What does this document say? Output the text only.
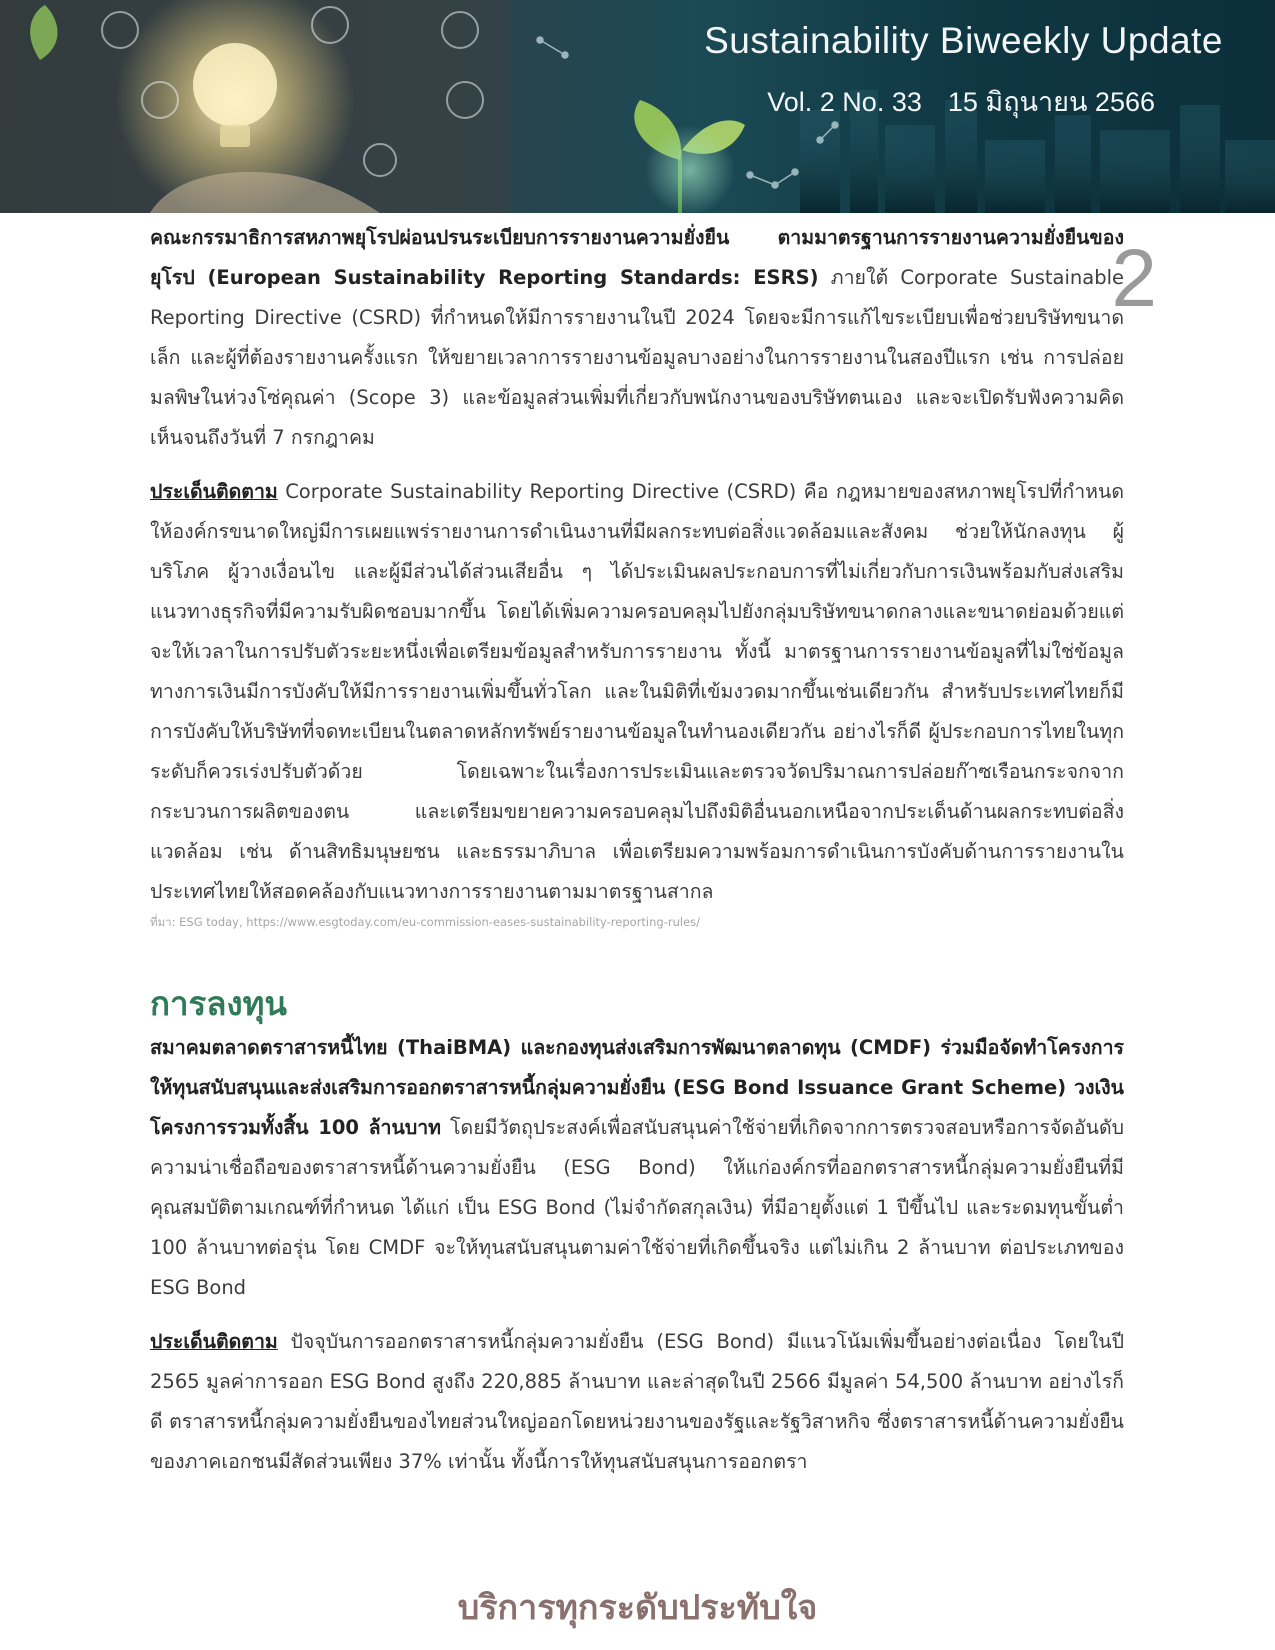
Sustainability Biweekly Update
Vol. 2 No. 33 15 มิถุนายน 2566
2

คณะกรรมาธิการสหภาพยุโรปผ่อนปรนระเบียบการรายงานความยั่งยืน ตามมาตรฐานการรายงานความยั่งยืนของยุโรป (European Sustainability Reporting Standards: ESRS) ภายใต้ Corporate Sustainable Reporting Directive (CSRD) ที่กำหนดให้มีการรายงานในปี 2024 โดยจะมีการแก้ไขระเบียบเพื่อช่วยบริษัทขนาดเล็ก และผู้ที่ต้องรายงานครั้งแรก ให้ขยายเวลาการรายงานข้อมูลบางอย่างในการรายงานในสองปีแรก เช่น การปล่อยมลพิษในห่วงโซ่คุณค่า (Scope 3) และข้อมูลส่วนเพิ่มที่เกี่ยวกับพนักงานของบริษัทตนเอง และจะเปิดรับฟังความคิดเห็นจนถึงวันที่ 7 กรกฎาคม

ประเด็นติดตาม Corporate Sustainability Reporting Directive (CSRD) คือ กฎหมายของสหภาพยุโรปที่กำหนดให้องค์กรขนาดใหญ่มีการเผยแพร่รายงานการดำเนินงานที่มีผลกระทบต่อสิ่งแวดล้อมและสังคม ช่วยให้นักลงทุน ผู้บริโภค ผู้วางเงื่อนไข และผู้มีส่วนได้ส่วนเสียอื่น ๆ ได้ประเมินผลประกอบการที่ไม่เกี่ยวกับการเงินพร้อมกับส่งเสริมแนวทางธุรกิจที่มีความรับผิดชอบมากขึ้น โดยได้เพิ่มความครอบคลุมไปยังกลุ่มบริษัทขนาดกลางและขนาดย่อมด้วยแต่จะให้เวลาในการปรับตัวระยะหนึ่งเพื่อเตรียมข้อมูลสำหรับการรายงาน ทั้งนี้ มาตรฐานการรายงานข้อมูลที่ไม่ใช่ข้อมูลทางการเงินมีการบังคับให้มีการรายงานเพิ่มขึ้นทั่วโลก และในมิติที่เข้มงวดมากขึ้นเช่นเดียวกัน สำหรับประเทศไทยก็มีการบังคับให้บริษัทที่จดทะเบียนในตลาดหลักทรัพย์รายงานข้อมูลในทำนองเดียวกัน อย่างไรก็ดี ผู้ประกอบการไทยในทุกระดับก็ควรเร่งปรับตัวด้วย โดยเฉพาะในเรื่องการประเมินและตรวจวัดปริมาณการปล่อยก๊าซเรือนกระจกจากกระบวนการผลิตของตน และเตรียมขยายความครอบคลุมไปถึงมิติอื่นนอกเหนือจากประเด็นด้านผลกระทบต่อสิ่งแวดล้อม เช่น ด้านสิทธิมนุษยชน และธรรมาภิบาล เพื่อเตรียมความพร้อมการดำเนินการบังคับด้านการรายงานในประเทศไทยให้สอดคล้องกับแนวทางการรายงานตามมาตรฐานสากล

ที่มา: ESG today, https://www.esgtoday.com/eu-commission-eases-sustainability-reporting-rules/
การลงทุน

สมาคมตลาดตราสารหนี้ไทย (ThaiBMA) และกองทุนส่งเสริมการพัฒนาตลาดทุน (CMDF) ร่วมมือจัดทำโครงการให้ทุนสนับสนุนและส่งเสริมการออกตราสารหนี้กลุ่มความยั่งยืน (ESG Bond Issuance Grant Scheme) วงเงินโครงการรวมทั้งสิ้น 100 ล้านบาท โดยมีวัตถุประสงค์เพื่อสนับสนุนค่าใช้จ่ายที่เกิดจากการตรวจสอบหรือการจัดอันดับความน่าเชื่อถือของตราสารหนี้ด้านความยั่งยืน (ESG Bond) ให้แก่องค์กรที่ออกตราสารหนี้กลุ่มความยั่งยืนที่มีคุณสมบัติตามเกณฑ์ที่กำหนด ได้แก่ เป็น ESG Bond (ไม่จำกัดสกุลเงิน) ที่มีอายุตั้งแต่ 1 ปีขึ้นไป และระดมทุนขั้นต่ำ 100 ล้านบาทต่อรุ่น โดย CMDF จะให้ทุนสนับสนุนตามค่าใช้จ่ายที่เกิดขึ้นจริง แต่ไม่เกิน 2 ล้านบาท ต่อประเภทของ ESG Bond

ประเด็นติดตาม ปัจจุบันการออกตราสารหนี้กลุ่มความยั่งยืน (ESG Bond) มีแนวโน้มเพิ่มขึ้นอย่างต่อเนื่อง โดยในปี 2565 มูลค่าการออก ESG Bond สูงถึง 220,885 ล้านบาท และล่าสุดในปี 2566 มีมูลค่า 54,500 ล้านบาท อย่างไรก็ดี ตราสารหนี้กลุ่มความยั่งยืนของไทยส่วนใหญ่ออกโดยหน่วยงานของรัฐและรัฐวิสาหกิจ ซึ่งตราสารหนี้ด้านความยั่งยืนของภาคเอกชนมีสัดส่วนเพียง 37% เท่านั้น ทั้งนี้การให้ทุนสนับสนุนการออกตรา

บริการทุกระดับประทับใจ
